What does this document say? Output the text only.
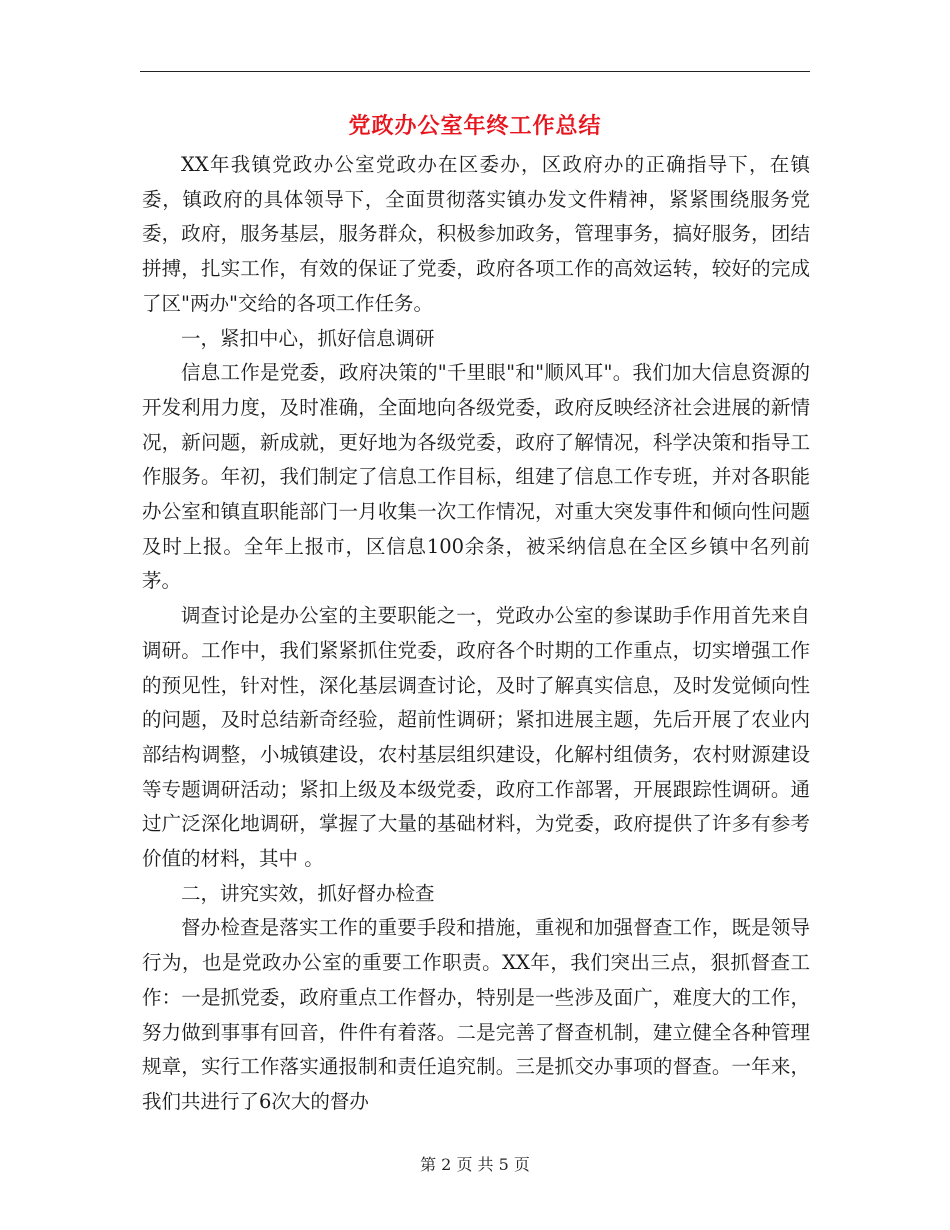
党政办公室年终工作总结

XX年我镇党政办公室党政办在区委办，区政府办的正确指导下，在镇委，镇政府的具体领导下，全面贯彻落实镇办发文件精神，紧紧围绕服务党委，政府，服务基层，服务群众，积极参加政务，管理事务，搞好服务，团结拼搏，扎实工作，有效的保证了党委，政府各项工作的高效运转，较好的完成了区"两办"交给的各项工作任务。

一，紧扣中心，抓好信息调研

信息工作是党委，政府决策的"千里眼"和"顺风耳"。我们加大信息资源的开发利用力度，及时准确，全面地向各级党委，政府反映经济社会进展的新情况，新问题，新成就，更好地为各级党委，政府了解情况，科学决策和指导工作服务。年初，我们制定了信息工作目标，组建了信息工作专班，并对各职能办公室和镇直职能部门一月收集一次工作情况，对重大突发事件和倾向性问题及时上报。全年上报市，区信息100余条，被采纳信息在全区乡镇中名列前茅。

调查讨论是办公室的主要职能之一，党政办公室的参谋助手作用首先来自调研。工作中，我们紧紧抓住党委，政府各个时期的工作重点，切实增强工作的预见性，针对性，深化基层调查讨论，及时了解真实信息，及时发觉倾向性的问题，及时总结新奇经验，超前性调研；紧扣进展主题，先后开展了农业内部结构调整，小城镇建设，农村基层组织建设，化解村组债务，农村财源建设等专题调研活动；紧扣上级及本级党委，政府工作部署，开展跟踪性调研。通过广泛深化地调研，掌握了大量的基础材料，为党委，政府提供了许多有参考价值的材料，其中 。

二，讲究实效，抓好督办检查

督办检查是落实工作的重要手段和措施，重视和加强督查工作，既是领导行为，也是党政办公室的重要工作职责。XX年，我们突出三点，狠抓督查工作：一是抓党委，政府重点工作督办，特别是一些涉及面广，难度大的工作，努力做到事事有回音，件件有着落。二是完善了督查机制，建立健全各种管理规章，实行工作落实通报制和责任追究制。三是抓交办事项的督查。一年来，我们共进行了6次大的督办

第 2 页 共 5 页
